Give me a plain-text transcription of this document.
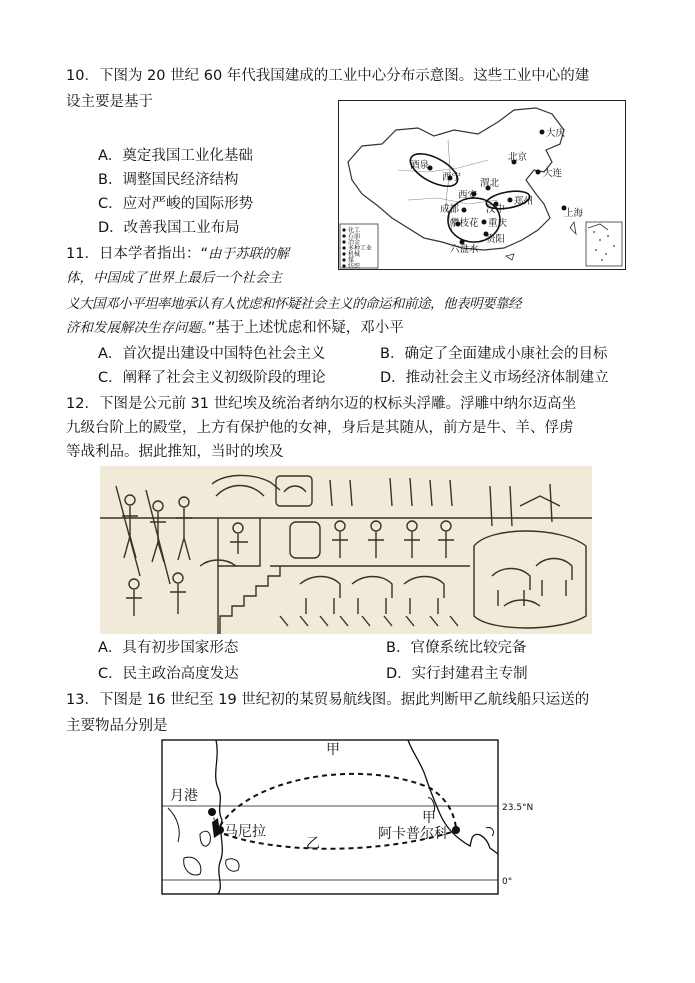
10．下图为 20 世纪 60 年代我国建成的工业中心分布示意图。这些工业中心的建
设主要是基于
A．奠定我国工业化基础
B．调整国民经济结构
C．应对严峻的国际形势
D．改善我国工业布局
大庆
北京
大连
酒泉
西宁
渭北
西安
郑州
成都	汉中	上海
攀枝花 重庆
贵阳
六盘水
化工
石油
冶金
多种工业
机械
煤
纺织
11．日本学者指出：“由于苏联的解
体，中国成了世界上最后一个社会主
义大国邓小平坦率地承认有人忧虑和怀疑社会主义的命运和前途，他表明要靠经
济和发展解决生存问题。”基于上述忧虑和怀疑，邓小平
A．首次提出建设中国特色社会主义	B．确定了全面建成小康社会的目标
C．阐释了社会主义初级阶段的理论	D．推动社会主义市场经济体制建立
12．下图是公元前 31 世纪埃及统治者纳尔迈的权标头浮雕。浮雕中纳尔迈高坐
九级台阶上的殿堂，上方有保护他的女神，身后是其随从，前方是牛、羊、俘虏
等战利品。据此推知，当时的埃及
A．具有初步国家形态	B．官僚系统比较完备
C．民主政治高度发达	D．实行封建君主专制
13．下图是 16 世纪至 19 世纪初的某贸易航线图。据此判断甲乙航线船只运送的
主要物品分别是
甲
甲
乙
月港
马尼拉	阿卡普尔科
23.5°N
0°
